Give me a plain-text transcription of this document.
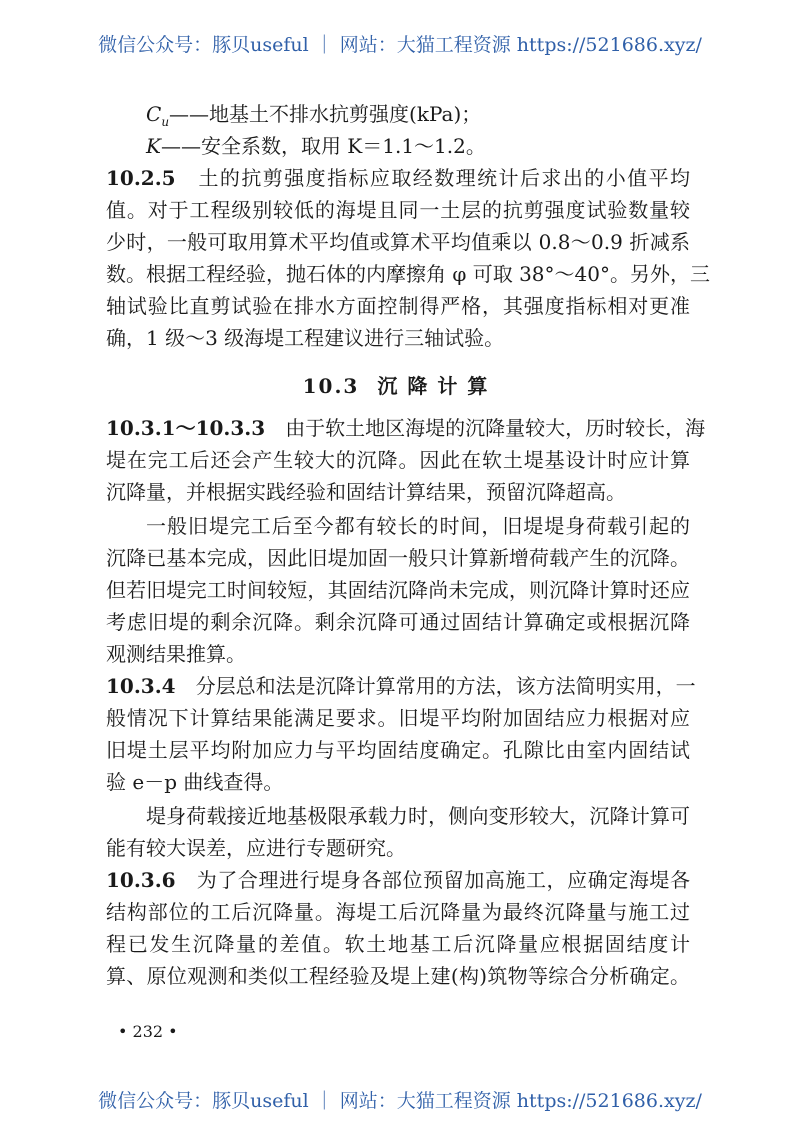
微信公众号：豚贝useful ｜ 网站：大猫工程资源 https://521686.xyz/
$C_u——$地基土不排水抗剪强度(kPa)；
K——安全系数，取用 K＝1.1～1.2。
10.2.5　 土的抗剪强度指标应取经数理统计后求出的小值平均
值。对于工程级别较低的海堤且同一土层的抗剪强度试验数量较
少时，一般可取用算术平均值或算术平均值乘以 0.8～0.9 折减系
数。根据工程经验，抛石体的内摩擦角 φ 可取 38°～40°。另外，三
轴试验比直剪试验在排水方面控制得严格，其强度指标相对更准
确，1 级～3 级海堤工程建议进行三轴试验。
10.3 沉降计算
10.3.1～10.3.3　 由于软土地区海堤的沉降量较大，历时较长，海
堤在完工后还会产生较大的沉降。因此在软土堤基设计时应计算
沉降量，并根据实践经验和固结计算结果，预留沉降超高。
一般旧堤完工后至今都有较长的时间，旧堤堤身荷载引起的
沉降已基本完成，因此旧堤加固一般只计算新增荷载产生的沉降。
但若旧堤完工时间较短，其固结沉降尚未完成，则沉降计算时还应
考虑旧堤的剩余沉降。剩余沉降可通过固结计算确定或根据沉降
观测结果推算。
10.3.4　 分层总和法是沉降计算常用的方法，该方法简明实用，一
般情况下计算结果能满足要求。旧堤平均附加固结应力根据对应
旧堤土层平均附加应力与平均固结度确定。孔隙比由室内固结试
验 e－p 曲线查得。
堤身荷载接近地基极限承载力时，侧向变形较大，沉降计算可
能有较大误差，应进行专题研究。
10.3.6　 为了合理进行堤身各部位预留加高施工，应确定海堤各
结构部位的工后沉降量。海堤工后沉降量为最终沉降量与施工过
程已发生沉降量的差值。软土地基工后沉降量应根据固结度计
算、原位观测和类似工程经验及堤上建(构)筑物等综合分析确定。
• 232 •
微信公众号：豚贝useful ｜ 网站：大猫工程资源 https://521686.xyz/
